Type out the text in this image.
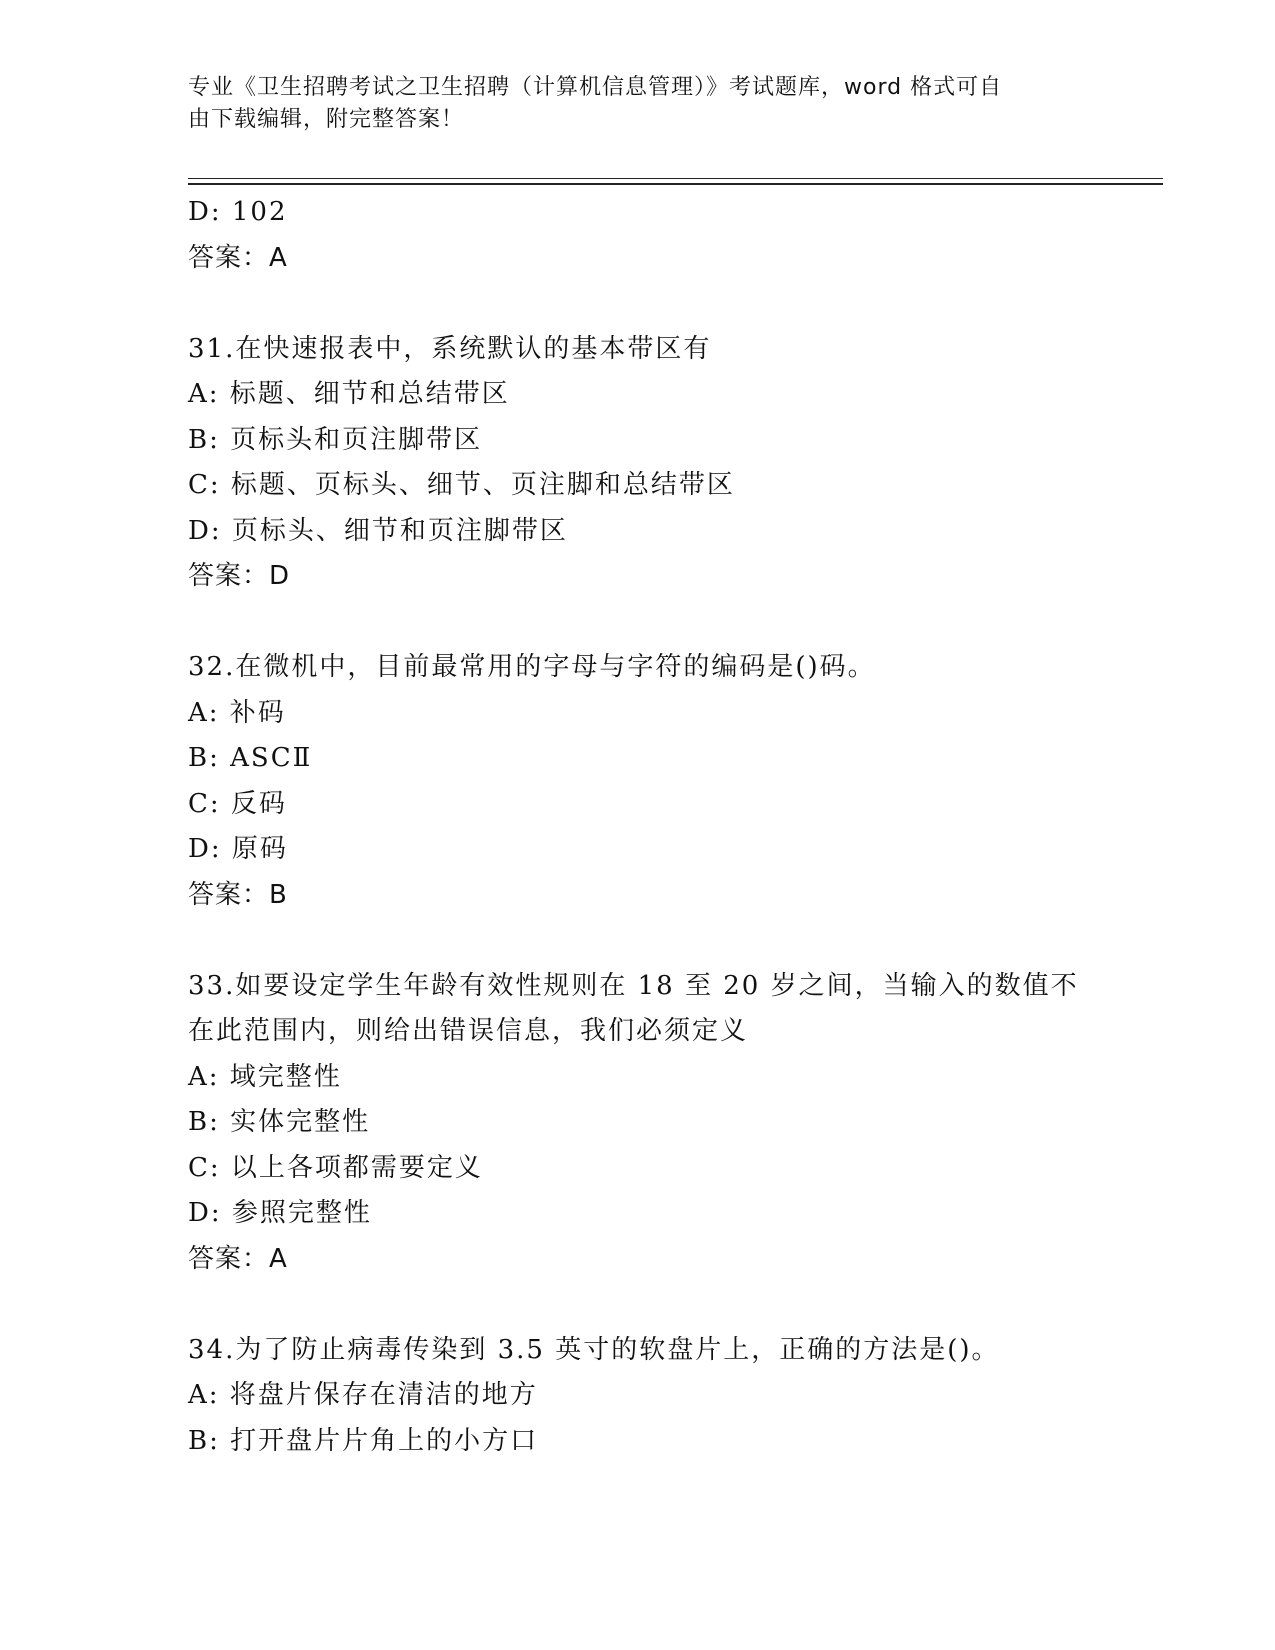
专业《卫生招聘考试之卫生招聘（计算机信息管理）》考试题库，word 格式可自
由下载编辑，附完整答案！
D: 102
答案：A
31.在快速报表中，系统默认的基本带区有
A: 标题、细节和总结带区
B: 页标头和页注脚带区
C: 标题、页标头、细节、页注脚和总结带区
D: 页标头、细节和页注脚带区
答案：D
32.在微机中，目前最常用的字母与字符的编码是()码。
A: 补码
B: ASCⅡ
C: 反码
D: 原码
答案：B
33.如要设定学生年龄有效性规则在 18 至 20 岁之间，当输入的数值不
在此范围内，则给出错误信息，我们必须定义
A: 域完整性
B: 实体完整性
C: 以上各项都需要定义
D: 参照完整性
答案：A
34.为了防止病毒传染到 3.5 英寸的软盘片上，正确的方法是()。
A: 将盘片保存在清洁的地方
B: 打开盘片片角上的小方口
